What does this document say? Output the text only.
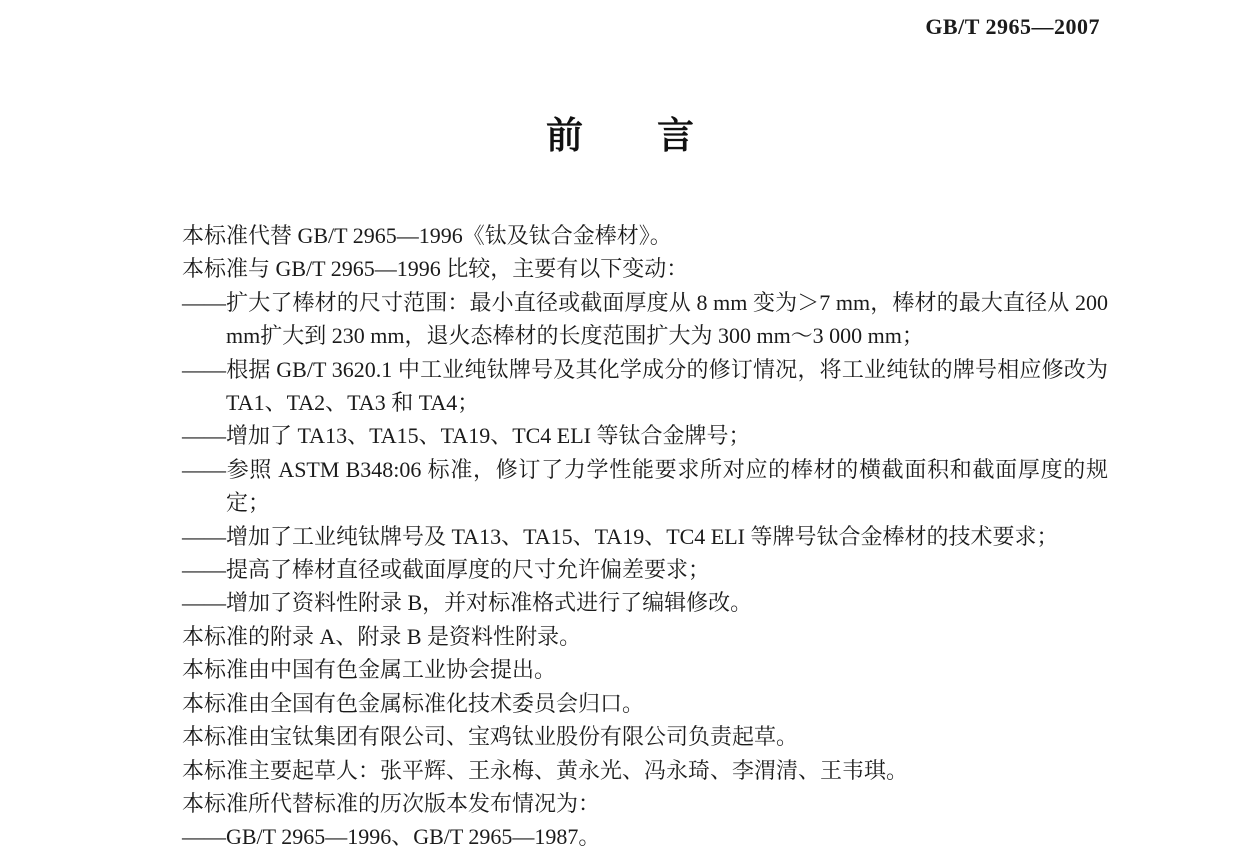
GB/T 2965—2007
前　　言

本标准代替 GB/T 2965—1996《钛及钛合金棒材》。

本标准与 GB/T 2965—1996 比较，主要有以下变动：

——扩大了棒材的尺寸范围：最小直径或截面厚度从 8 mm 变为＞7 mm，棒材的最大直径从 200 mm扩大到 230 mm，退火态棒材的长度范围扩大为 300 mm～3 000 mm；

——根据 GB/T 3620.1 中工业纯钛牌号及其化学成分的修订情况，将工业纯钛的牌号相应修改为 TA1、TA2、TA3 和 TA4；

——增加了 TA13、TA15、TA19、TC4 ELI 等钛合金牌号；

——参照 ASTM B348:06 标准，修订了力学性能要求所对应的棒材的横截面积和截面厚度的规定；

——增加了工业纯钛牌号及 TA13、TA15、TA19、TC4 ELI 等牌号钛合金棒材的技术要求；

——提高了棒材直径或截面厚度的尺寸允许偏差要求；

——增加了资料性附录 B，并对标准格式进行了编辑修改。

本标准的附录 A、附录 B 是资料性附录。

本标准由中国有色金属工业协会提出。

本标准由全国有色金属标准化技术委员会归口。

本标准由宝钛集团有限公司、宝鸡钛业股份有限公司负责起草。

本标准主要起草人：张平辉、王永梅、黄永光、冯永琦、李渭清、王韦琪。

本标准所代替标准的历次版本发布情况为：

——GB/T 2965—1996、GB/T 2965—1987。
